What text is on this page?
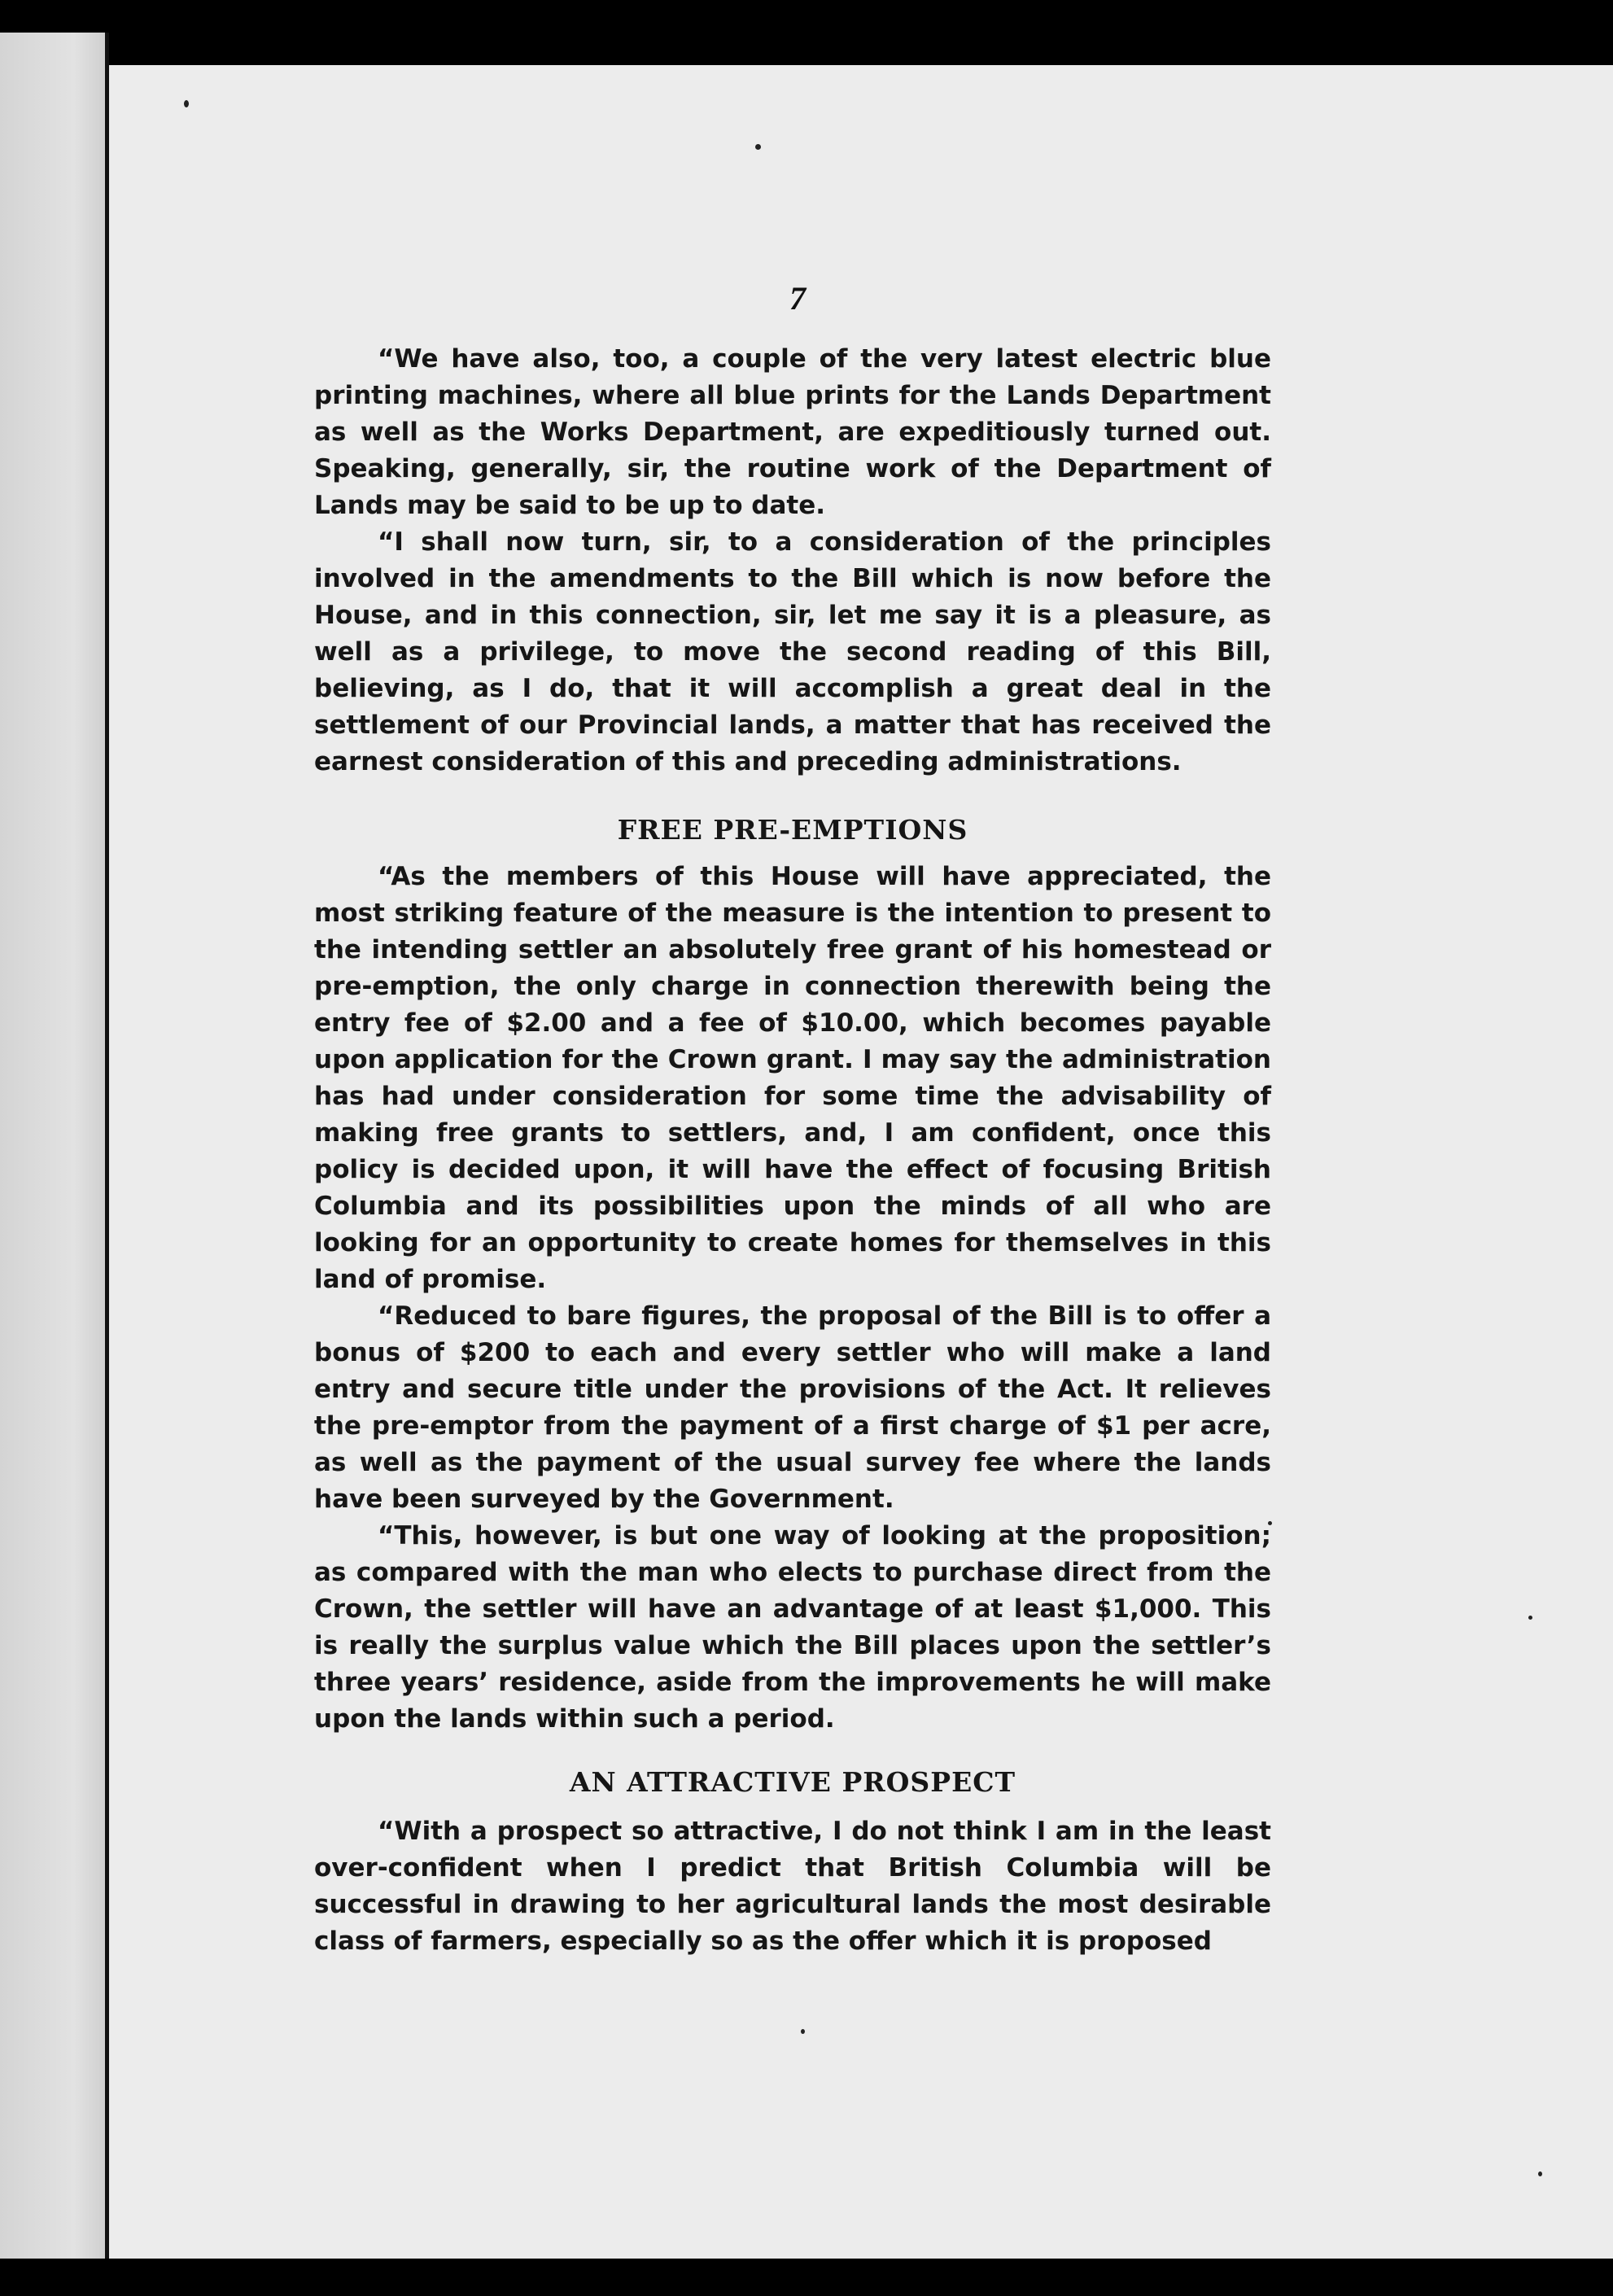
7

“We have also, too, a couple of the very latest electric blue printing machines, where all blue prints for the Lands Department as well as the Works Department, are expeditiously turned out. Speaking, generally, sir, the routine work of the Department of Lands may be said to be up to date.

“I shall now turn, sir, to a consideration of the principles involved in the amendments to the Bill which is now before the House, and in this connection, sir, let me say it is a pleasure, as well as a privilege, to move the second reading of this Bill, believing, as I do, that it will accomplish a great deal in the settlement of our Provincial lands, a matter that has received the earnest consideration of this and preceding administrations.

FREE PRE-EMPTIONS

“As the members of this House will have appreciated, the most striking feature of the measure is the intention to present to the intending settler an absolutely free grant of his homestead or pre-emption, the only charge in connection therewith being the entry fee of $2.00 and a fee of $10.00, which becomes payable upon application for the Crown grant. I may say the administration has had under consideration for some time the advisability of making free grants to settlers, and, I am confident, once this policy is decided upon, it will have the effect of focusing British Columbia and its possibilities upon the minds of all who are looking for an opportunity to create homes for themselves in this land of promise.

“Reduced to bare figures, the proposal of the Bill is to offer a bonus of $200 to each and every settler who will make a land entry and secure title under the provisions of the Act. It relieves the pre-emptor from the payment of a first charge of $1 per acre, as well as the payment of the usual survey fee where the lands have been surveyed by the Government.

“This, however, is but one way of looking at the proposition; as compared with the man who elects to purchase direct from the Crown, the settler will have an advantage of at least $1,000. This is really the surplus value which the Bill places upon the settler’s three years’ residence, aside from the improvements he will make upon the lands within such a period.

AN ATTRACTIVE PROSPECT

“With a prospect so attractive, I do not think I am in the least over-confident when I predict that British Columbia will be successful in drawing to her agricultural lands the most desirable class of farmers, especially so as the offer which it is proposed
